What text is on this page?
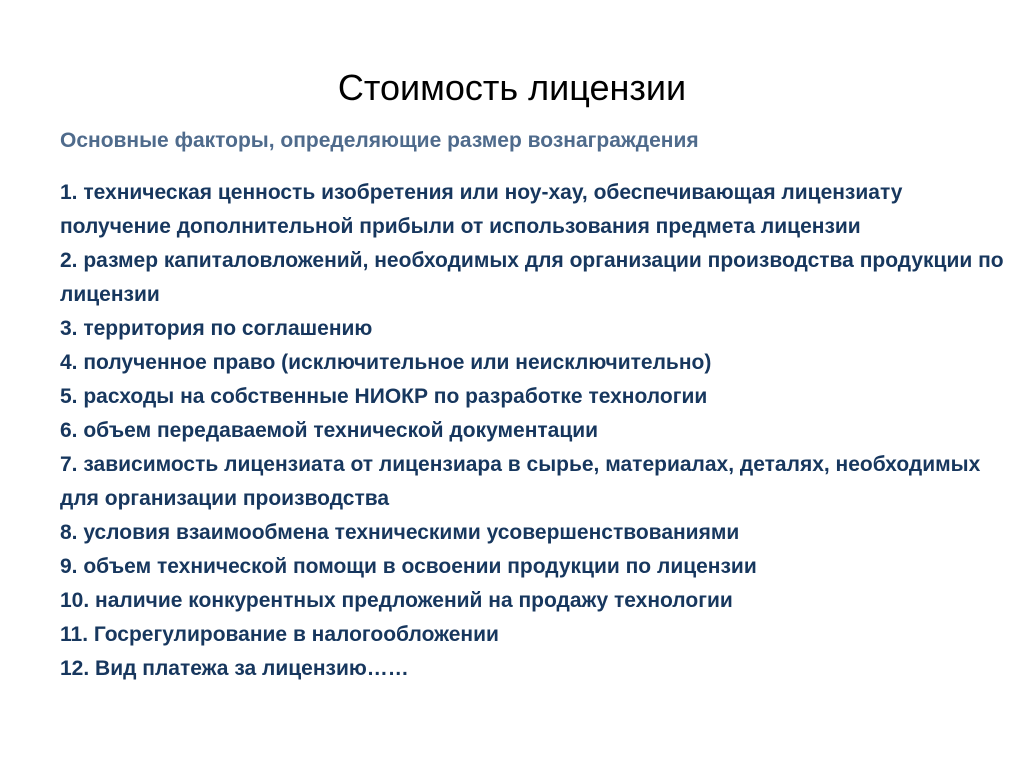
Стоимость лицензии
Основные факторы, определяющие размер вознаграждения
1. техническая ценность изобретения или ноу-хау, обеспечивающая лицензиату получение дополнительной прибыли от использования предмета лицензии
2. размер капиталовложений, необходимых для организации производства продукции по лицензии
3. территория по соглашению
4. полученное право (исключительное или неисключительно)
5. расходы на собственные НИОКР по разработке технологии
6. объем передаваемой технической документации
7. зависимость лицензиата от лицензиара в сырье, материалах, деталях, необходимых для организации производства
8. условия взаимообмена техническими усовершенствованиями
9. объем технической помощи в освоении продукции по лицензии
10. наличие конкурентных предложений на продажу технологии
11. Госрегулирование в налогообложении
12. Вид платежа за лицензию……
